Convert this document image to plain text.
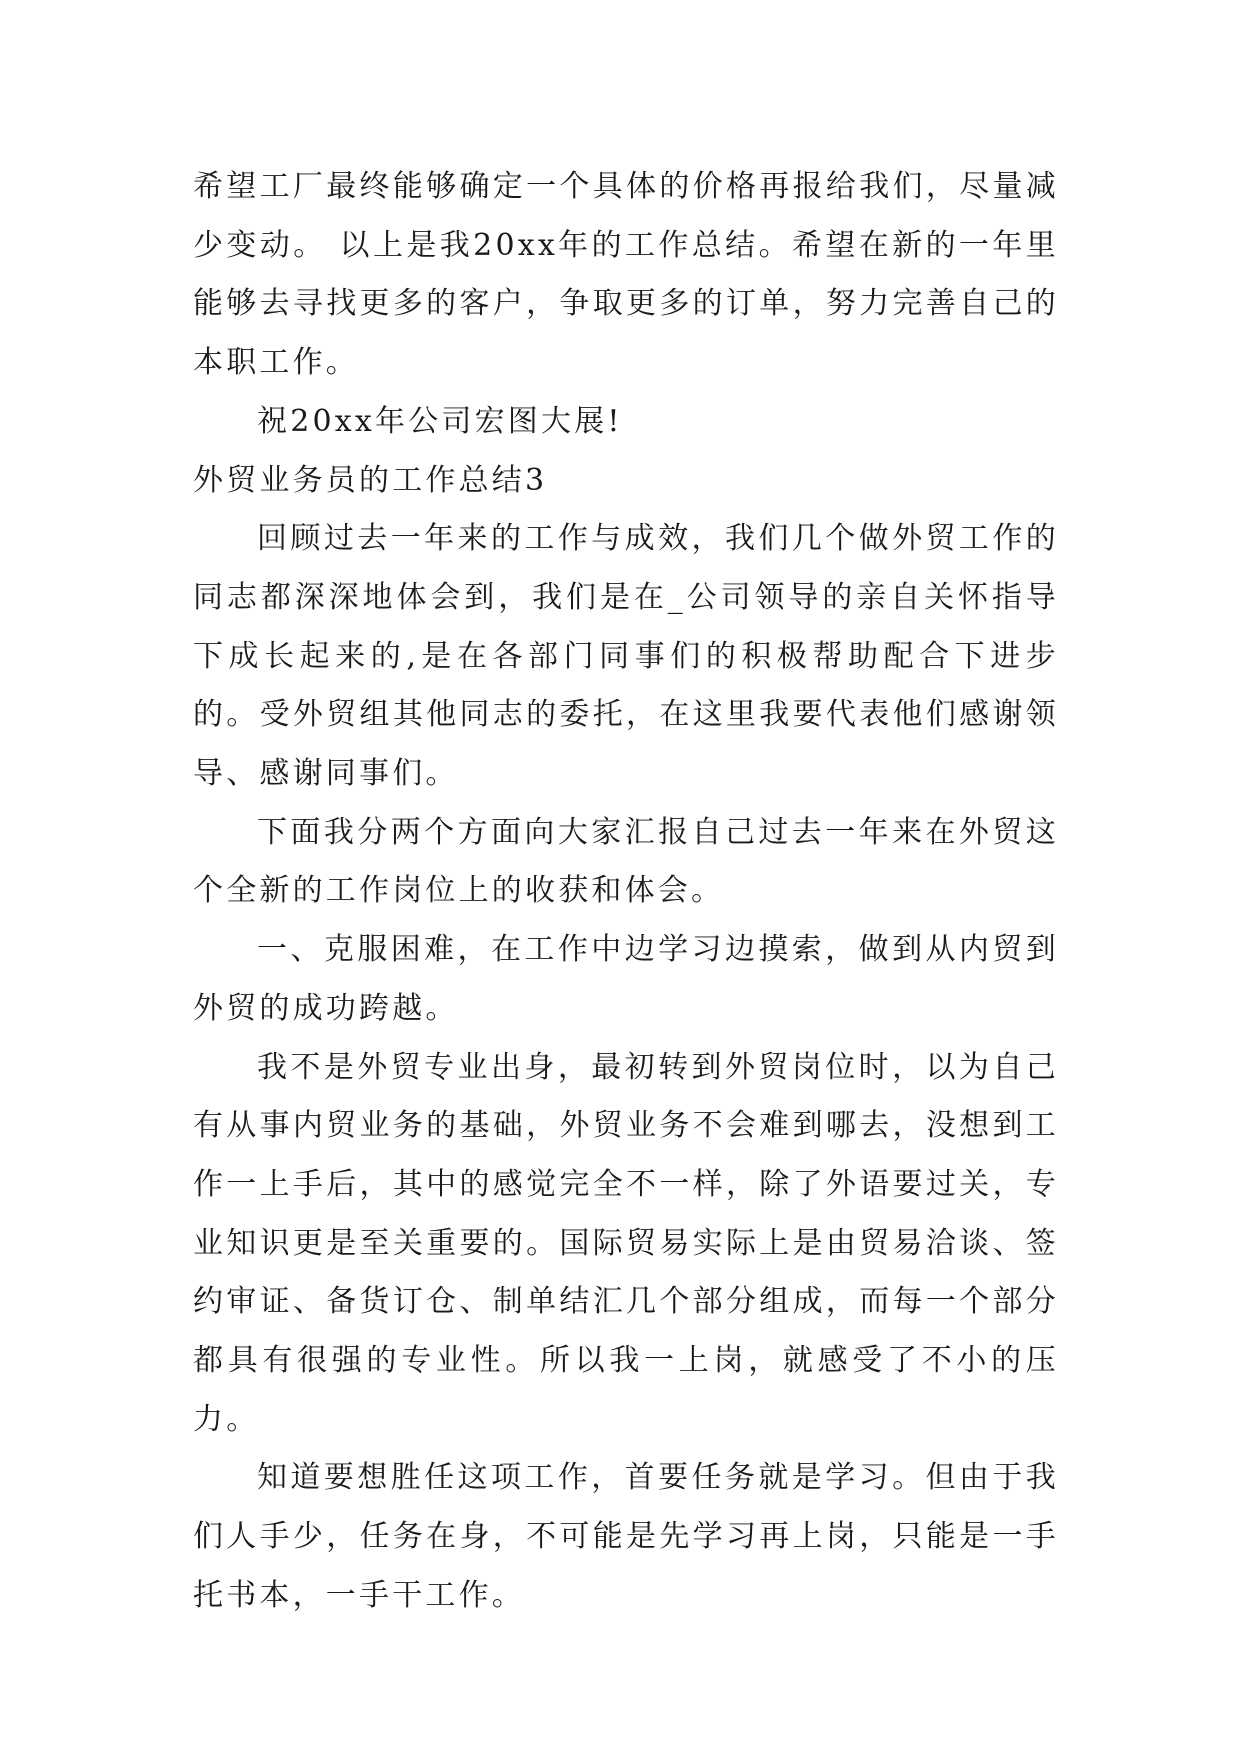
希望工厂最终能够确定一个具体的价格再报给我们，尽量减少变动。 以上是我20xx年的工作总结。希望在新的一年里能够去寻找更多的客户，争取更多的订单，努力完善自己的本职工作。

祝20xx年公司宏图大展!

外贸业务员的工作总结3

回顾过去一年来的工作与成效，我们几个做外贸工作的同志都深深地体会到，我们是在_公司领导的亲自关怀指导下成长起来的,是在各部门同事们的积极帮助配合下进步的。受外贸组其他同志的委托，在这里我要代表他们感谢领导、感谢同事们。

下面我分两个方面向大家汇报自己过去一年来在外贸这个全新的工作岗位上的收获和体会。

一、克服困难，在工作中边学习边摸索，做到从内贸到外贸的成功跨越。

我不是外贸专业出身，最初转到外贸岗位时，以为自己有从事内贸业务的基础，外贸业务不会难到哪去，没想到工作一上手后，其中的感觉完全不一样，除了外语要过关，专业知识更是至关重要的。国际贸易实际上是由贸易洽谈、签约审证、备货订仓、制单结汇几个部分组成，而每一个部分都具有很强的专业性。所以我一上岗，就感受了不小的压力。

知道要想胜任这项工作，首要任务就是学习。但由于我们人手少，任务在身，不可能是先学习再上岗，只能是一手托书本，一手干工作。
